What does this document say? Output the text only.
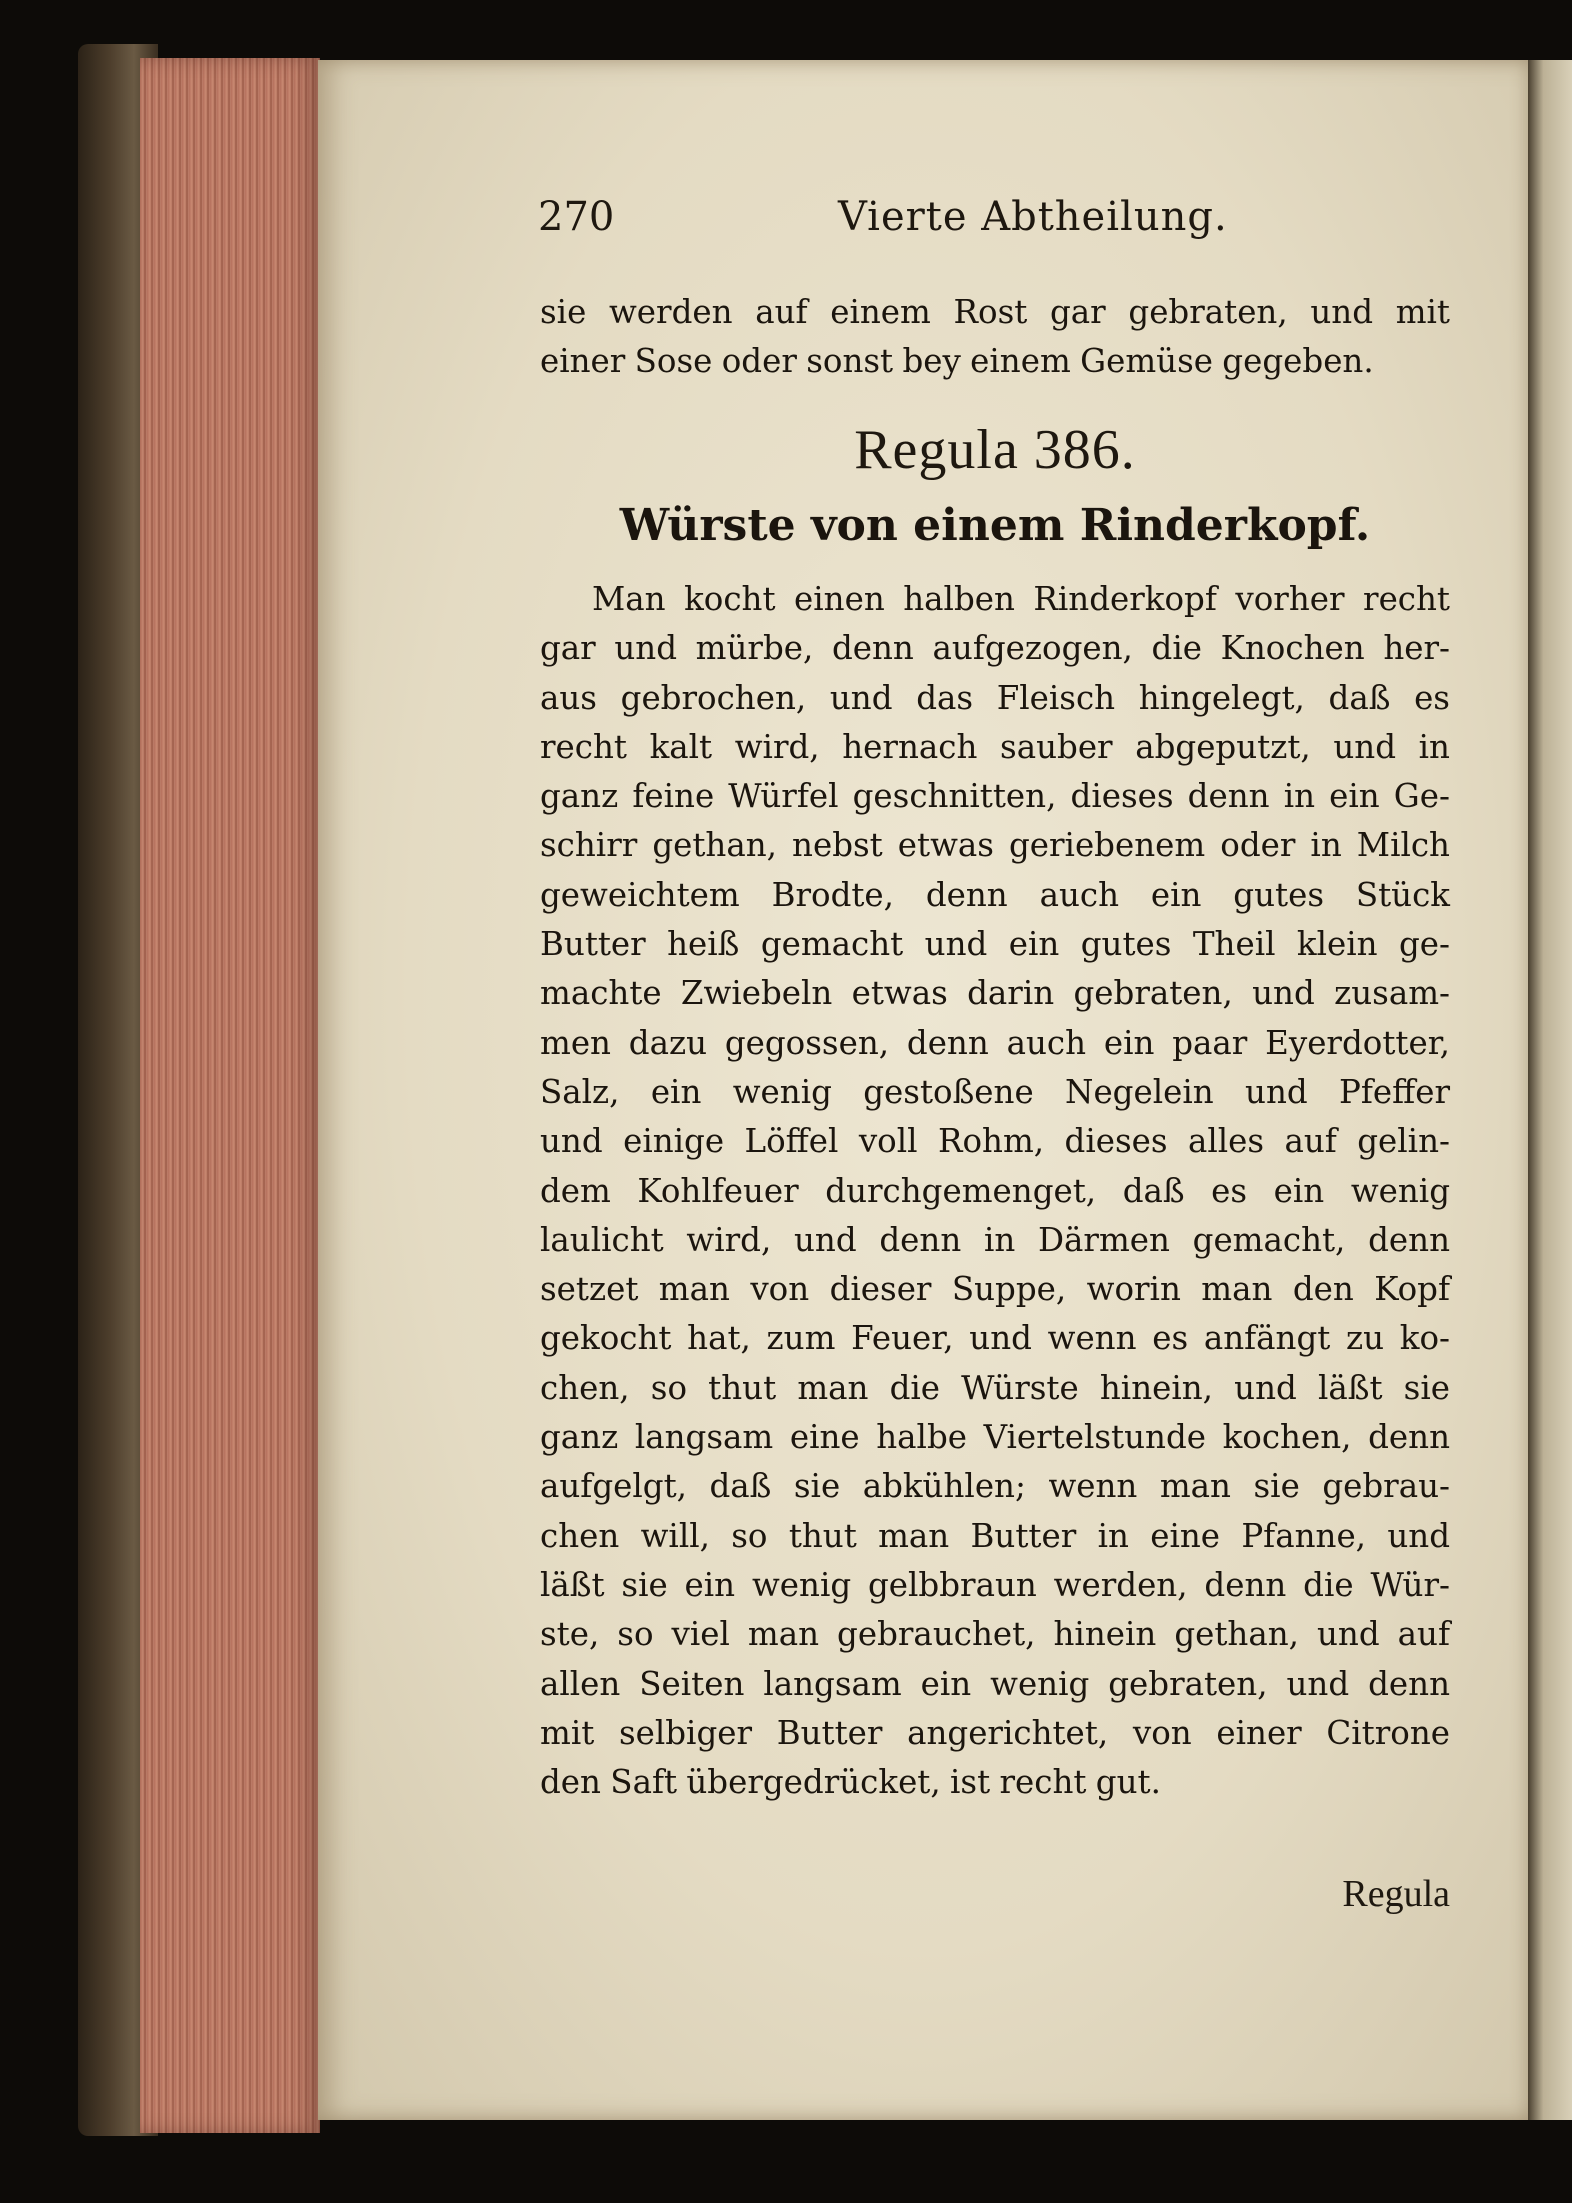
270	Vierte Abtheilung.
sie werden auf einem Rost gar gebraten, und mit
einer Sose oder sonst bey einem Gemüse gegeben.
Regula 386.
Würste von einem Rinderkopf.
Man kocht einen halben Rinderkopf vorher recht
gar und mürbe, denn aufgezogen, die Knochen her-
aus gebrochen, und das Fleisch hingelegt, daß es
recht kalt wird, hernach sauber abgeputzt, und in
ganz feine Würfel geschnitten, dieses denn in ein Ge-
schirr gethan, nebst etwas geriebenem oder in Milch
geweichtem Brodte, denn auch ein gutes Stück
Butter heiß gemacht und ein gutes Theil klein ge-
machte Zwiebeln etwas darin gebraten, und zusam-
men dazu gegossen, denn auch ein paar Eyerdotter,
Salz, ein wenig gestoßene Negelein und Pfeffer
und einige Löffel voll Rohm, dieses alles auf gelin-
dem Kohlfeuer durchgemenget, daß es ein wenig
laulicht wird, und denn in Därmen gemacht, denn
setzet man von dieser Suppe, worin man den Kopf
gekocht hat, zum Feuer, und wenn es anfängt zu ko-
chen, so thut man die Würste hinein, und läßt sie
ganz langsam eine halbe Viertelstunde kochen, denn
aufgelgt, daß sie abkühlen; wenn man sie gebrau-
chen will, so thut man Butter in eine Pfanne, und
läßt sie ein wenig gelbbraun werden, denn die Wür-
ste, so viel man gebrauchet, hinein gethan, und auf
allen Seiten langsam ein wenig gebraten, und denn
mit selbiger Butter angerichtet, von einer Citrone
den Saft übergedrücket, ist recht gut.
Regula
